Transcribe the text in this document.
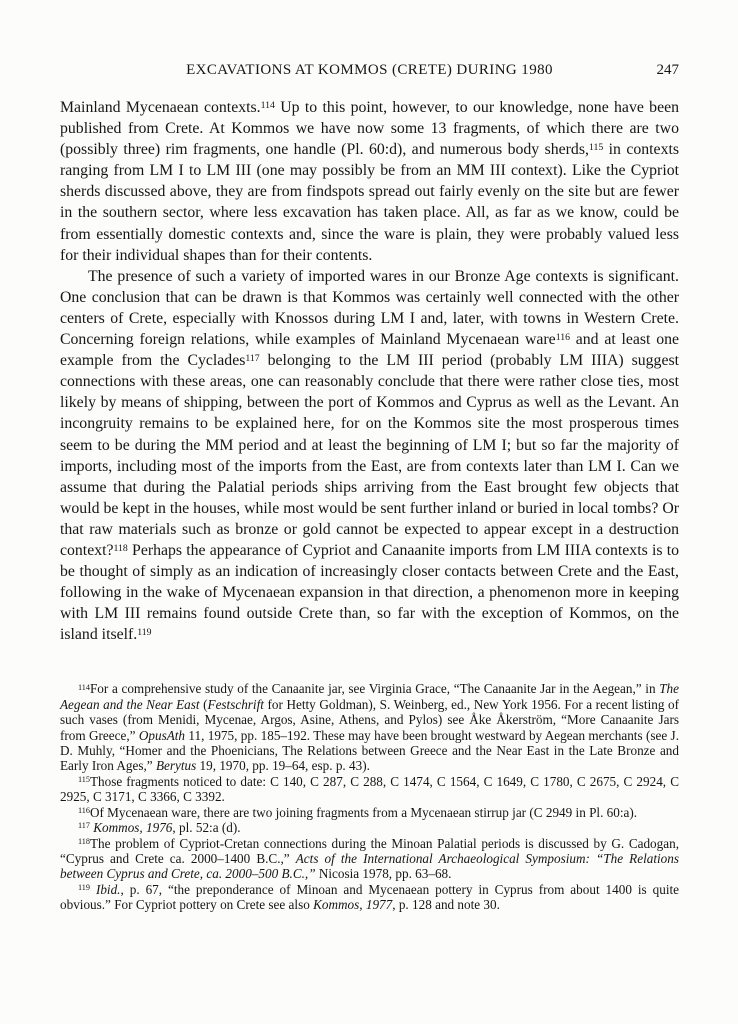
EXCAVATIONS AT KOMMOS (CRETE) DURING 1980	247

Mainland Mycenaean contexts.$^{114}$ Up to this point, however, to our knowledge, none have been published from Crete. At Kommos we have now some 13 fragments, of which there are two (possibly three) rim fragments, one handle (Pl. 60:d), and numerous body sherds,$^{115}$ in contexts ranging from LM I to LM III (one may possibly be from an MM III context). Like the Cypriot sherds discussed above, they are from findspots spread out fairly evenly on the site but are fewer in the southern sector, where less excavation has taken place. All, as far as we know, could be from essentially domestic contexts and, since the ware is plain, they were probably valued less for their individual shapes than for their contents.

The presence of such a variety of imported wares in our Bronze Age contexts is significant. One conclusion that can be drawn is that Kommos was certainly well connected with the other centers of Crete, especially with Knossos during LM I and, later, with towns in Western Crete. Concerning foreign relations, while examples of Mainland Mycenaean ware$^{116}$ and at least one example from the Cyclades$^{117}$ belonging to the LM III period (probably LM IIIA) suggest connections with these areas, one can reasonably conclude that there were rather close ties, most likely by means of shipping, between the port of Kommos and Cyprus as well as the Levant. An incongruity remains to be explained here, for on the Kommos site the most prosperous times seem to be during the MM period and at least the beginning of LM I; but so far the majority of imports, including most of the imports from the East, are from contexts later than LM I. Can we assume that during the Palatial periods ships arriving from the East brought few objects that would be kept in the houses, while most would be sent further inland or buried in local tombs? Or that raw materials such as bronze or gold cannot be expected to appear except in a destruction context?$^{118}$ Perhaps the appearance of Cypriot and Canaanite imports from LM IIIA contexts is to be thought of simply as an indication of increasingly closer contacts between Crete and the East, following in the wake of Mycenaean expansion in that direction, a phenomenon more in keeping with LM III remains found outside Crete than, so far with the exception of Kommos, on the island itself.$^{119}$

$^{114}$For a comprehensive study of the Canaanite jar, see Virginia Grace, “The Canaanite Jar in the Aegean,” in The Aegean and the Near East (Festschrift for Hetty Goldman), S. Weinberg, ed., New York 1956. For a recent listing of such vases (from Menidi, Mycenae, Argos, Asine, Athens, and Pylos) see Åke Åkerström, “More Canaanite Jars from Greece,” OpusAth 11, 1975, pp. 185–192. These may have been brought westward by Aegean merchants (see J. D. Muhly, “Homer and the Phoenicians, The Relations between Greece and the Near East in the Late Bronze and Early Iron Ages,” Berytus 19, 1970, pp. 19–64, esp. p. 43).

$^{115}$Those fragments noticed to date: C 140, C 287, C 288, C 1474, C 1564, C 1649, C 1780, C 2675, C 2924, C 2925, C 3171, C 3366, C 3392.

$^{116}$Of Mycenaean ware, there are two joining fragments from a Mycenaean stirrup jar (C 2949 in Pl. 60:a).

$^{117}$ Kommos, 1976, pl. 52:a (d).

$^{118}$The problem of Cypriot-Cretan connections during the Minoan Palatial periods is discussed by G. Cadogan, “Cyprus and Crete ca. 2000–1400 B.C.,” Acts of the International Archaeological Symposium: “The Relations between Cyprus and Crete, ca. 2000–500 B.C.,” Nicosia 1978, pp. 63–68.

$^{119}$ Ibid., p. 67, “the preponderance of Minoan and Mycenaean pottery in Cyprus from about 1400 is quite obvious.” For Cypriot pottery on Crete see also Kommos, 1977, p. 128 and note 30.
